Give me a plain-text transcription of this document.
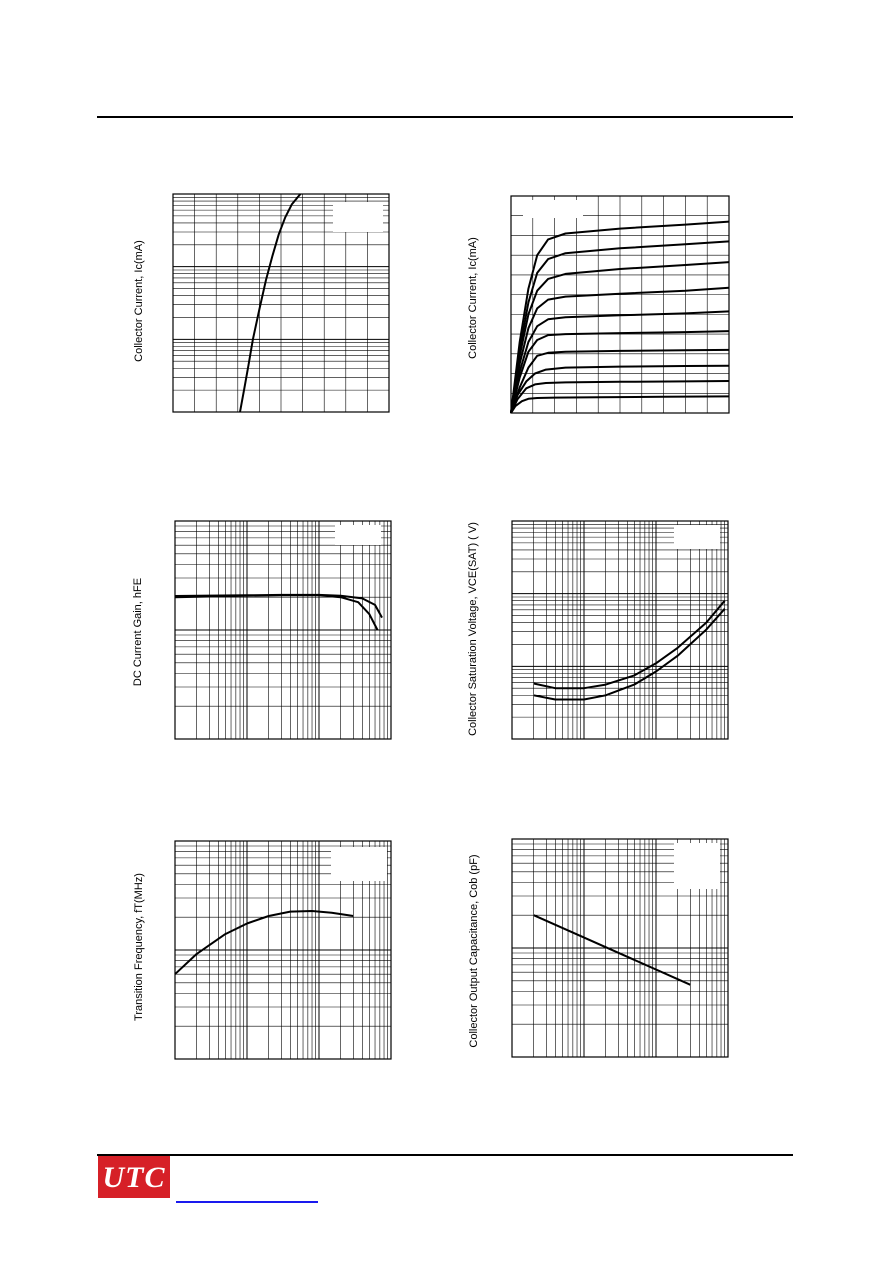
Collector Current, Ic(mA)	Collector Current, Ic(mA)
DC Current Gain, hFE	Collector Saturation Voltage, VCE(SAT) ( V)
Transition Frequency, fT(MHz)	Collector Output Capacitance, Cob (pF)
UTC
